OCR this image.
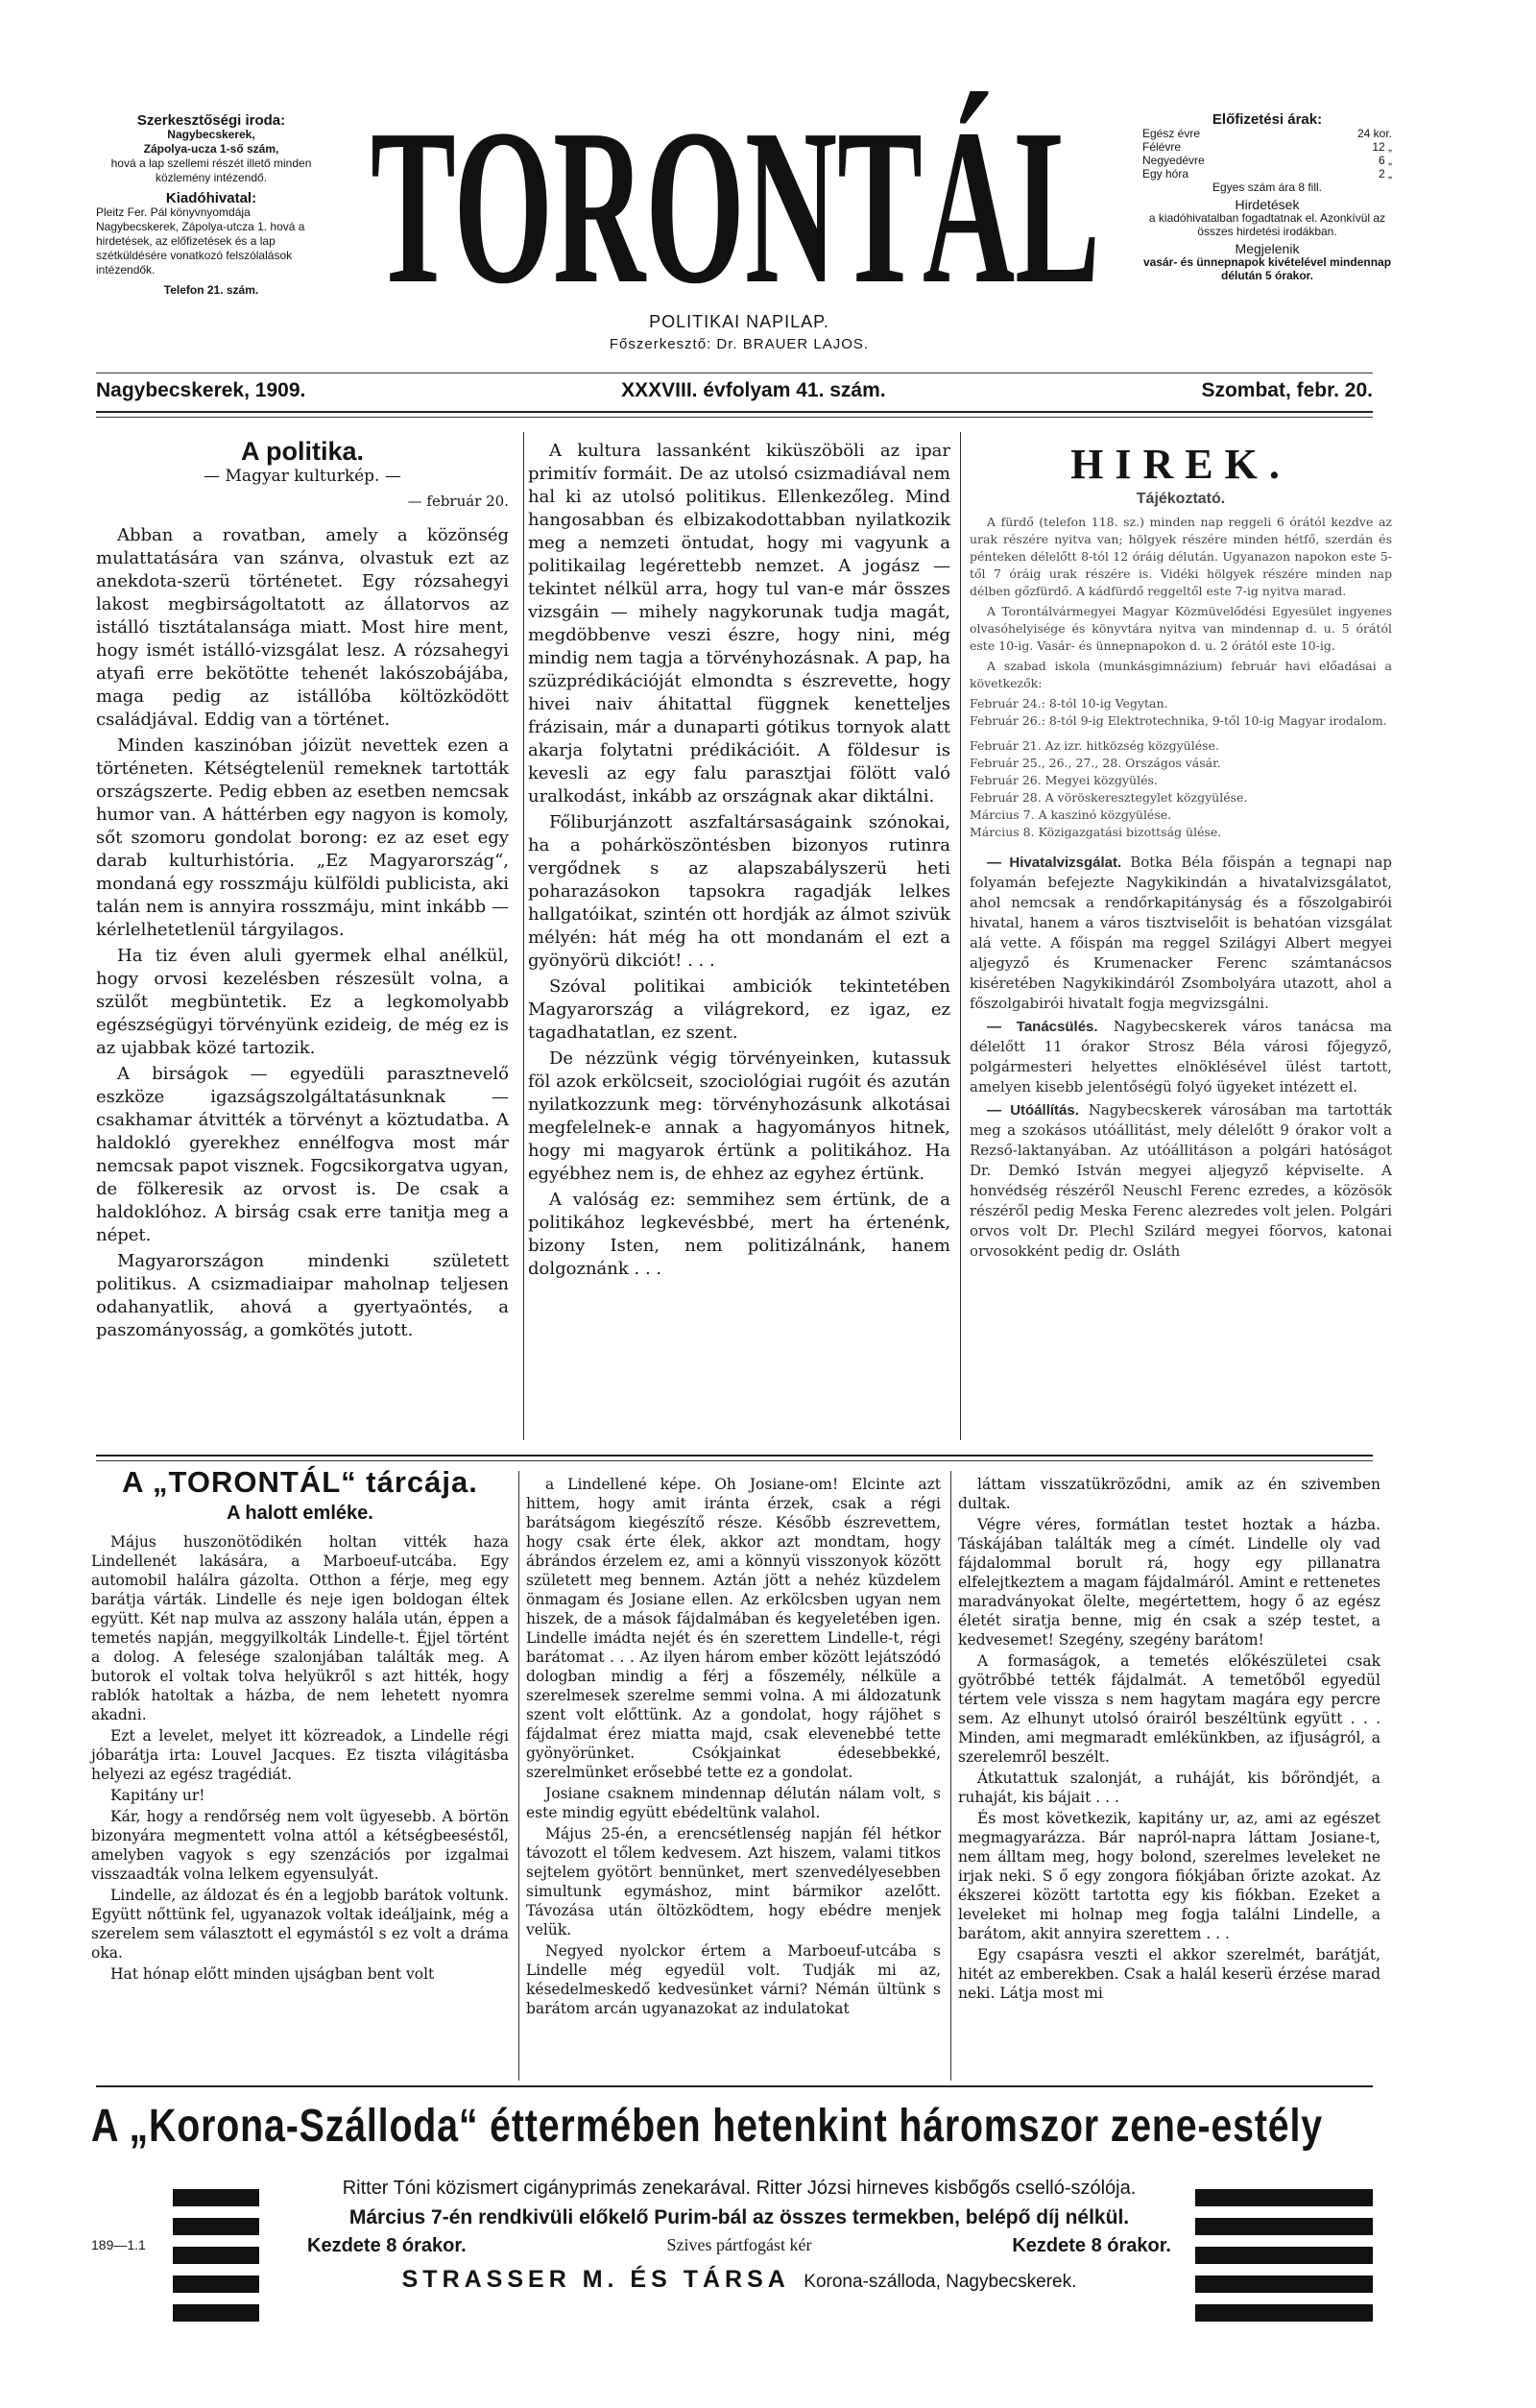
Szerkesztőségi iroda:
Nagybecskerek,
Zápolya-ucza 1-ső szám,
hová a lap szellemi részét illető minden közlemény intézendő.
Kiadóhivatal:
Pleitz Fer. Pál könyvnyomdája Nagybecskerek, Zápolya-utcza 1. hová a hirdetések, az előfizetések és a lap szétküldésére vonatkozó felszólalások intézendők.
Telefon 21. szám. TORONTÁL
POLITIKAI NAPILAP.
Főszerkesztő: Dr. BRAUER LAJOS.
Előfizetési árak:
Egész évre	24 kor.
Félévre	12 „
Negyedévre	6 „
Egy hóra	2 „
Egyes szám ára 8 fill.
Hirdetések
a kiadóhivatalban fogadtatnak el. Azonkívül az összes hirdetési irodákban.
Megjelenik
vasár- és ünnepnapok kivételével mindennap délután 5 órakor.
Nagybecskerek, 1909.	XXXVIII. évfolyam 41. szám.	Szombat, febr. 20.
A politika.
— Magyar kulturkép. —
— február 20.

Abban a rovatban, amely a közönség mulattatására van szánva, olvastuk ezt az anekdota-szerü történetet. Egy rózsahegyi lakost megbirságoltatott az állatorvos az istálló tisztátalansága miatt. Most hire ment, hogy ismét istálló-vizsgálat lesz. A rózsahegyi atyafi erre bekötötte tehenét lakószobájába, maga pedig az istállóba költözködött családjával. Eddig van a történet.

Minden kaszinóban jóizüt nevettek ezen a történeten. Kétségtelenül remeknek tartották országszerte. Pedig ebben az esetben nemcsak humor van. A háttérben egy nagyon is komoly, sőt szomoru gondolat borong: ez az eset egy darab kulturhistória. „Ez Magyarország“, mondaná egy rosszmáju külföldi publicista, aki talán nem is annyira rosszmáju, mint inkább — kérlelhetetlenül tárgyilagos.

Ha tiz éven aluli gyermek elhal anélkül, hogy orvosi kezelésben részesült volna, a szülőt megbüntetik. Ez a legkomolyabb egészségügyi törvényünk ezideig, de még ez is az ujabbak közé tartozik.

A birságok — egyedüli parasztnevelő eszköze igazságszolgáltatásunknak — csakhamar átvitték a törvényt a köztudatba. A haldokló gyerekhez ennélfogva most már nemcsak papot visznek. Fogcsikorgatva ugyan, de fölkeresik az orvost is. De csak a haldoklóhoz. A birság csak erre tanitja meg a népet.

Magyarországon mindenki született politikus. A csizmadiaipar maholnap teljesen odahanyatlik, ahová a gyertyaöntés, a paszományosság, a gomkötés jutott.

A kultura lassanként kiküszöböli az ipar primitív formáit. De az utolsó csizmadiával nem hal ki az utolsó politikus. Ellenkezőleg. Mind hangosabban és elbizakodottabban nyilatkozik meg a nemzeti öntudat, hogy mi vagyunk a politikailag legérettebb nemzet. A jogász — tekintet nélkül arra, hogy tul van-e már összes vizsgáin — mihely nagykorunak tudja magát, megdöbbenve veszi észre, hogy nini, még mindig nem tagja a törvényhozásnak. A pap, ha szüzprédikációját elmondta s észrevette, hogy hivei naiv áhitattal függnek kenetteljes frázisain, már a dunaparti gótikus tornyok alatt akarja folytatni prédikációit. A földesur is kevesli az egy falu parasztjai fölött való uralkodást, inkább az országnak akar diktálni.

Főliburjánzott aszfaltársaságaink szónokai, ha a pohárköszöntésben bizonyos rutinra vergődnek s az alapszabályszerü heti poharazásokon tapsokra ragadják lelkes hallgatóikat, szintén ott hordják az álmot szivük mélyén: hát még ha ott mondanám el ezt a gyönyörü dikciót! . . .

Szóval politikai ambiciók tekintetében Magyarország a világrekord, ez igaz, ez tagadhatatlan, ez szent.

De nézzünk végig törvényeinken, kutassuk föl azok erkölcseit, szociológiai rugóit és azután nyilatkozzunk meg: törvényhozásunk alkotásai megfelelnek-e annak a hagyományos hitnek, hogy mi magyarok értünk a politikához. Ha egyébhez nem is, de ehhez az egyhez értünk.

A valóság ez: semmihez sem értünk, de a politikához legkevésbbé, mert ha értenénk, bizony Isten, nem politizálnánk, hanem dolgoznánk . . .

HIREK.
Tájékoztató.

A fürdő (telefon 118. sz.) minden nap reggeli 6 órától kezdve az urak részére nyitva van; hölgyek részére minden hétfő, szerdán és pénteken délelőtt 8-tól 12 óráig délután. Ugyanazon napokon este 5-től 7 óráig urak részére is. Vidéki hölgyek részére minden nap délben gőzfürdő. A kádfürdő reggeltől este 7-ig nyitva marad.

A Torontálvármegyei Magyar Közmüvelődési Egyesület ingyenes olvasóhelyisége és könyvtára nyitva van mindennap d. u. 5 órától este 10-ig. Vasár- és ünnepnapokon d. u. 2 órától este 10-ig.

A szabad iskola (munkásgimnázium) február havi előadásai a következők:

Február 24.: 8-tól 10-ig Vegytan.

Február 26.: 8-tól 9-ig Elektrotechnika, 9-től 10-ig Magyar irodalom.

Február 21. Az izr. hitközség közgyülése.

Február 25., 26., 27., 28. Országos vásár.

Február 26. Megyei közgyülés.

Február 28. A vöröskeresztegylet közgyülése.

Március 7. A kaszinó közgyülése.

Március 8. Közigazgatási bizottság ülése.

— Hivatalvizsgálat. Botka Béla főispán a tegnapi nap folyamán befejezte Nagykikindán a hivatalvizsgálatot, ahol nemcsak a rendőrkapitányság és a főszolgabirói hivatal, hanem a város tisztviselőit is behatóan vizsgálat alá vette. A főispán ma reggel Szilágyi Albert megyei aljegyző és Krumenacker Ferenc számtanácsos kiséretében Nagykikindáról Zsombolyára utazott, ahol a főszolgabirói hivatalt fogja megvizsgálni.

— Tanácsülés. Nagybecskerek város tanácsa ma délelőtt 11 órakor Strosz Béla városi főjegyző, polgármesteri helyettes elnöklésével ülést tartott, amelyen kisebb jelentőségü folyó ügyeket intézett el.

— Utóállítás. Nagybecskerek városában ma tartották meg a szokásos utóállitást, mely délelőtt 9 órakor volt a Rezső-laktanyában. Az utóállitáson a polgári hatóságot Dr. Demkó István megyei aljegyző képviselte. A honvédség részéről Neuschl Ferenc ezredes, a közösök részéről pedig Meska Ferenc alezredes volt jelen. Polgári orvos volt Dr. Plechl Szilárd megyei főorvos, katonai orvosokként pedig dr. Osláth

A „TORONTÁL“ tárcája.
A halott emléke.

Május huszonötödikén holtan vitték haza Lindellenét lakására, a Marboeuf-utcába. Egy automobil halálra gázolta. Otthon a férje, meg egy barátja várták. Lindelle és neje igen boldogan éltek együtt. Két nap mulva az asszony halála után, éppen a temetés napján, meggyilkolták Lindelle-t. Éjjel történt a dolog. A felesége szalonjában találták meg. A butorok el voltak tolva helyükről s azt hitték, hogy rablók hatoltak a házba, de nem lehetett nyomra akadni.

Ezt a levelet, melyet itt közreadok, a Lindelle régi jóbarátja irta: Louvel Jacques. Ez tiszta világitásba helyezi az egész tragédiát.

Kapitány ur!

Kár, hogy a rendőrség nem volt ügyesebb. A börtön bizonyára megmentett volna attól a kétségbeeséstől, amelyben vagyok s egy szenzációs por izgalmai visszaadták volna lelkem egyensulyát.

Lindelle, az áldozat és én a legjobb barátok voltunk. Együtt nőttünk fel, ugyanazok voltak ideáljaink, még a szerelem sem választott el egymástól s ez volt a dráma oka.

Hat hónap előtt minden ujságban bent volt

a Lindellené képe. Oh Josiane-om! Elcinte azt hittem, hogy amit iránta érzek, csak a régi barátságom kiegészítő része. Később észrevettem, hogy csak érte élek, akkor azt mondtam, hogy ábrándos érzelem ez, ami a könnyü visszonyok között született meg bennem. Aztán jött a nehéz küzdelem önmagam és Josiane ellen. Az erkölcsben ugyan nem hiszek, de a mások fájdalmában és kegyeletében igen. Lindelle imádta nejét és én szerettem Lindelle-t, régi barátomat . . . Az ilyen három ember között lejátszódó dologban mindig a férj a főszemély, nélküle a szerelmesek szerelme semmi volna. A mi áldozatunk szent volt előttünk. Az a gondolat, hogy rájöhet s fájdalmat érez miatta majd, csak elevenebbé tette gyönyörünket. Csókjainkat édesebbekké, szerelmünket erősebbé tette ez a gondolat.

Josiane csaknem mindennap délután nálam volt, s este mindig együtt ebédeltünk valahol.

Május 25-én, a erencsétlenség napján fél hétkor távozott el tőlem kedvesem. Azt hiszem, valami titkos sejtelem gyötört bennünket, mert szenvedélyesebben simultunk egymáshoz, mint bármikor azelőtt. Távozása után öltözködtem, hogy ebédre menjek velük.

Negyed nyolckor értem a Marboeuf-utcába s Lindelle még egyedül volt. Tudják mi az, késedelmeskedő kedvesünket várni? Némán ültünk s barátom arcán ugyanazokat az indulatokat

láttam visszatükröződni, amik az én szivemben dultak.

Végre véres, formátlan testet hoztak a házba. Táskájában találták meg a címét. Lindelle oly vad fájdalommal borult rá, hogy egy pillanatra elfelejtkeztem a magam fájdalmáról. Amint e rettenetes maradványokat ölelte, megértettem, hogy ő az egész életét siratja benne, mig én csak a szép testet, a kedvesemet! Szegény, szegény barátom!

A formaságok, a temetés előkészületei csak gyötrőbbé tették fájdalmát. A temetőből egyedül tértem vele vissza s nem hagytam magára egy percre sem. Az elhunyt utolsó órairól beszéltünk együtt . . . Minden, ami megmaradt emlékünkben, az ifjuságról, a szerelemről beszélt.

Átkutattuk szalonját, a ruháját, kis bőröndjét, a ruhaját, kis bájait . . .

És most következik, kapitány ur, az, ami az egészet megmagyarázza. Bár napról-napra láttam Josiane-t, nem álltam meg, hogy bolond, szerelmes leveleket ne irjak neki. S ő egy zongora fiókjában őrizte azokat. Az ékszerei között tartotta egy kis fiókban. Ezeket a leveleket mi holnap meg fogja találni Lindelle, a barátom, akit annyira szerettem . . .

Egy csapásra veszti el akkor szerelmét, barátját, hitét az emberekben. Csak a halál keserü érzése marad neki. Látja most mi

A „Korona-Szálloda“ éttermében hetenkint háromszor zene-estély
189—1.1
Ritter Tóni közismert cigányprimás zenekarával. Ritter Józsi hirneves kisbőgős cselló-szólója.
Március 7-én rendkivüli előkelő Purim-bál az összes termekben, belépő díj nélkül.
Kezdete 8 órakor.	Szives pártfogást kér	Kezdete 8 órakor.
STRASSER M. ÉS TÁRSA Korona-szálloda, Nagybecskerek.
